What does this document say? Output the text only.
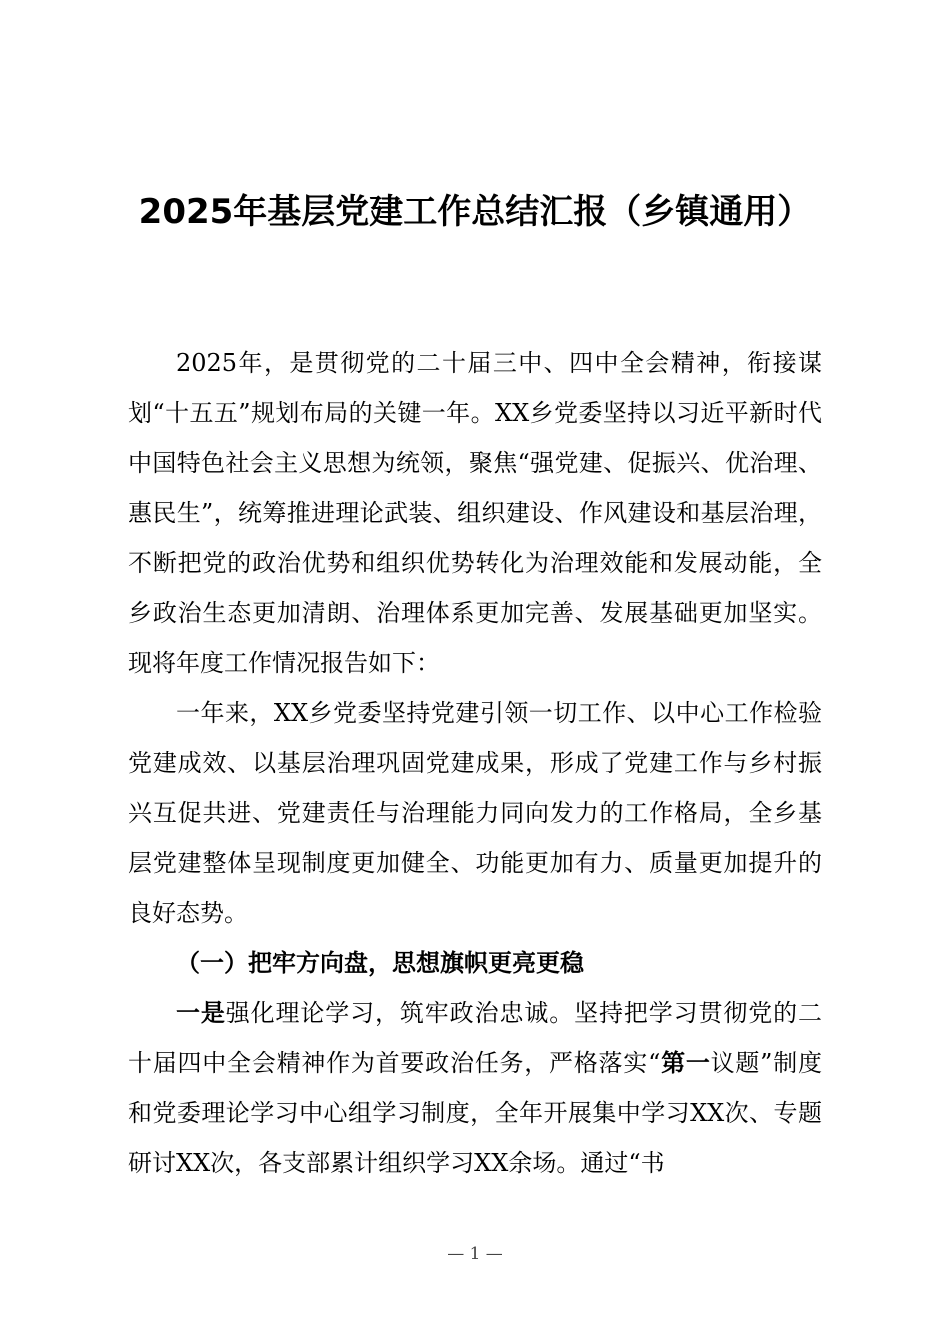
2025年基层党建工作总结汇报（乡镇通用）

2025年，是贯彻党的二十届三中、四中全会精神，衔接谋划“十五五”规划布局的关键一年。XX乡党委坚持以习近平新时代中国特色社会主义思想为统领，聚焦“强党建、促振兴、优治理、惠民生”，统筹推进理论武装、组织建设、作风建设和基层治理，不断把党的政治优势和组织优势转化为治理效能和发展动能，全乡政治生态更加清朗、治理体系更加完善、发展基础更加坚实。现将年度工作情况报告如下：

一年来，XX乡党委坚持党建引领一切工作、以中心工作检验党建成效、以基层治理巩固党建成果，形成了党建工作与乡村振兴互促共进、党建责任与治理能力同向发力的工作格局，全乡基层党建整体呈现制度更加健全、功能更加有力、质量更加提升的良好态势。

（一）把牢方向盘，思想旗帜更亮更稳

一是强化理论学习，筑牢政治忠诚。坚持把学习贯彻党的二十届四中全会精神作为首要政治任务，严格落实“第一议题”制度和党委理论学习中心组学习制度，全年开展集中学习XX次、专题研讨XX次，各支部累计组织学习XX余场。通过“书

— 1 —
